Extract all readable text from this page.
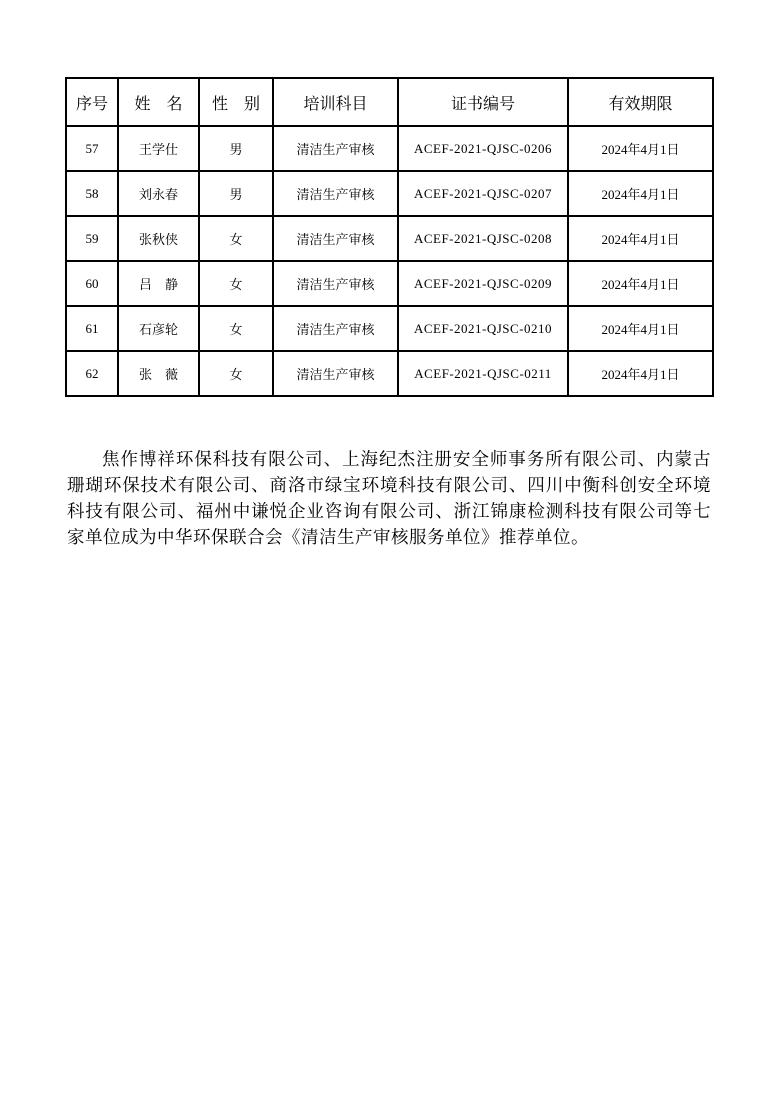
序号	姓　名	性　别	培训科目	证书编号	有效期限
57	王学仕	男	清洁生产审核	ACEF-2021-QJSC-0206	2024年4月1日
58	刘永春	男	清洁生产审核	ACEF-2021-QJSC-0207	2024年4月1日
59	张秋侠	女	清洁生产审核	ACEF-2021-QJSC-0208	2024年4月1日
60	吕　静	女	清洁生产审核	ACEF-2021-QJSC-0209	2024年4月1日
61	石彦轮	女	清洁生产审核	ACEF-2021-QJSC-0210	2024年4月1日
62	张　薇	女	清洁生产审核	ACEF-2021-QJSC-0211	2024年4月1日

焦作博祥环保科技有限公司、上海纪杰注册安全师事务所有限公司、内蒙古珊瑚环保技术有限公司、商洛市绿宝环境科技有限公司、四川中衡科创安全环境科技有限公司、福州中谦悦企业咨询有限公司、浙江锦康检测科技有限公司等七家单位成为中华环保联合会《清洁生产审核服务单位》推荐单位。
